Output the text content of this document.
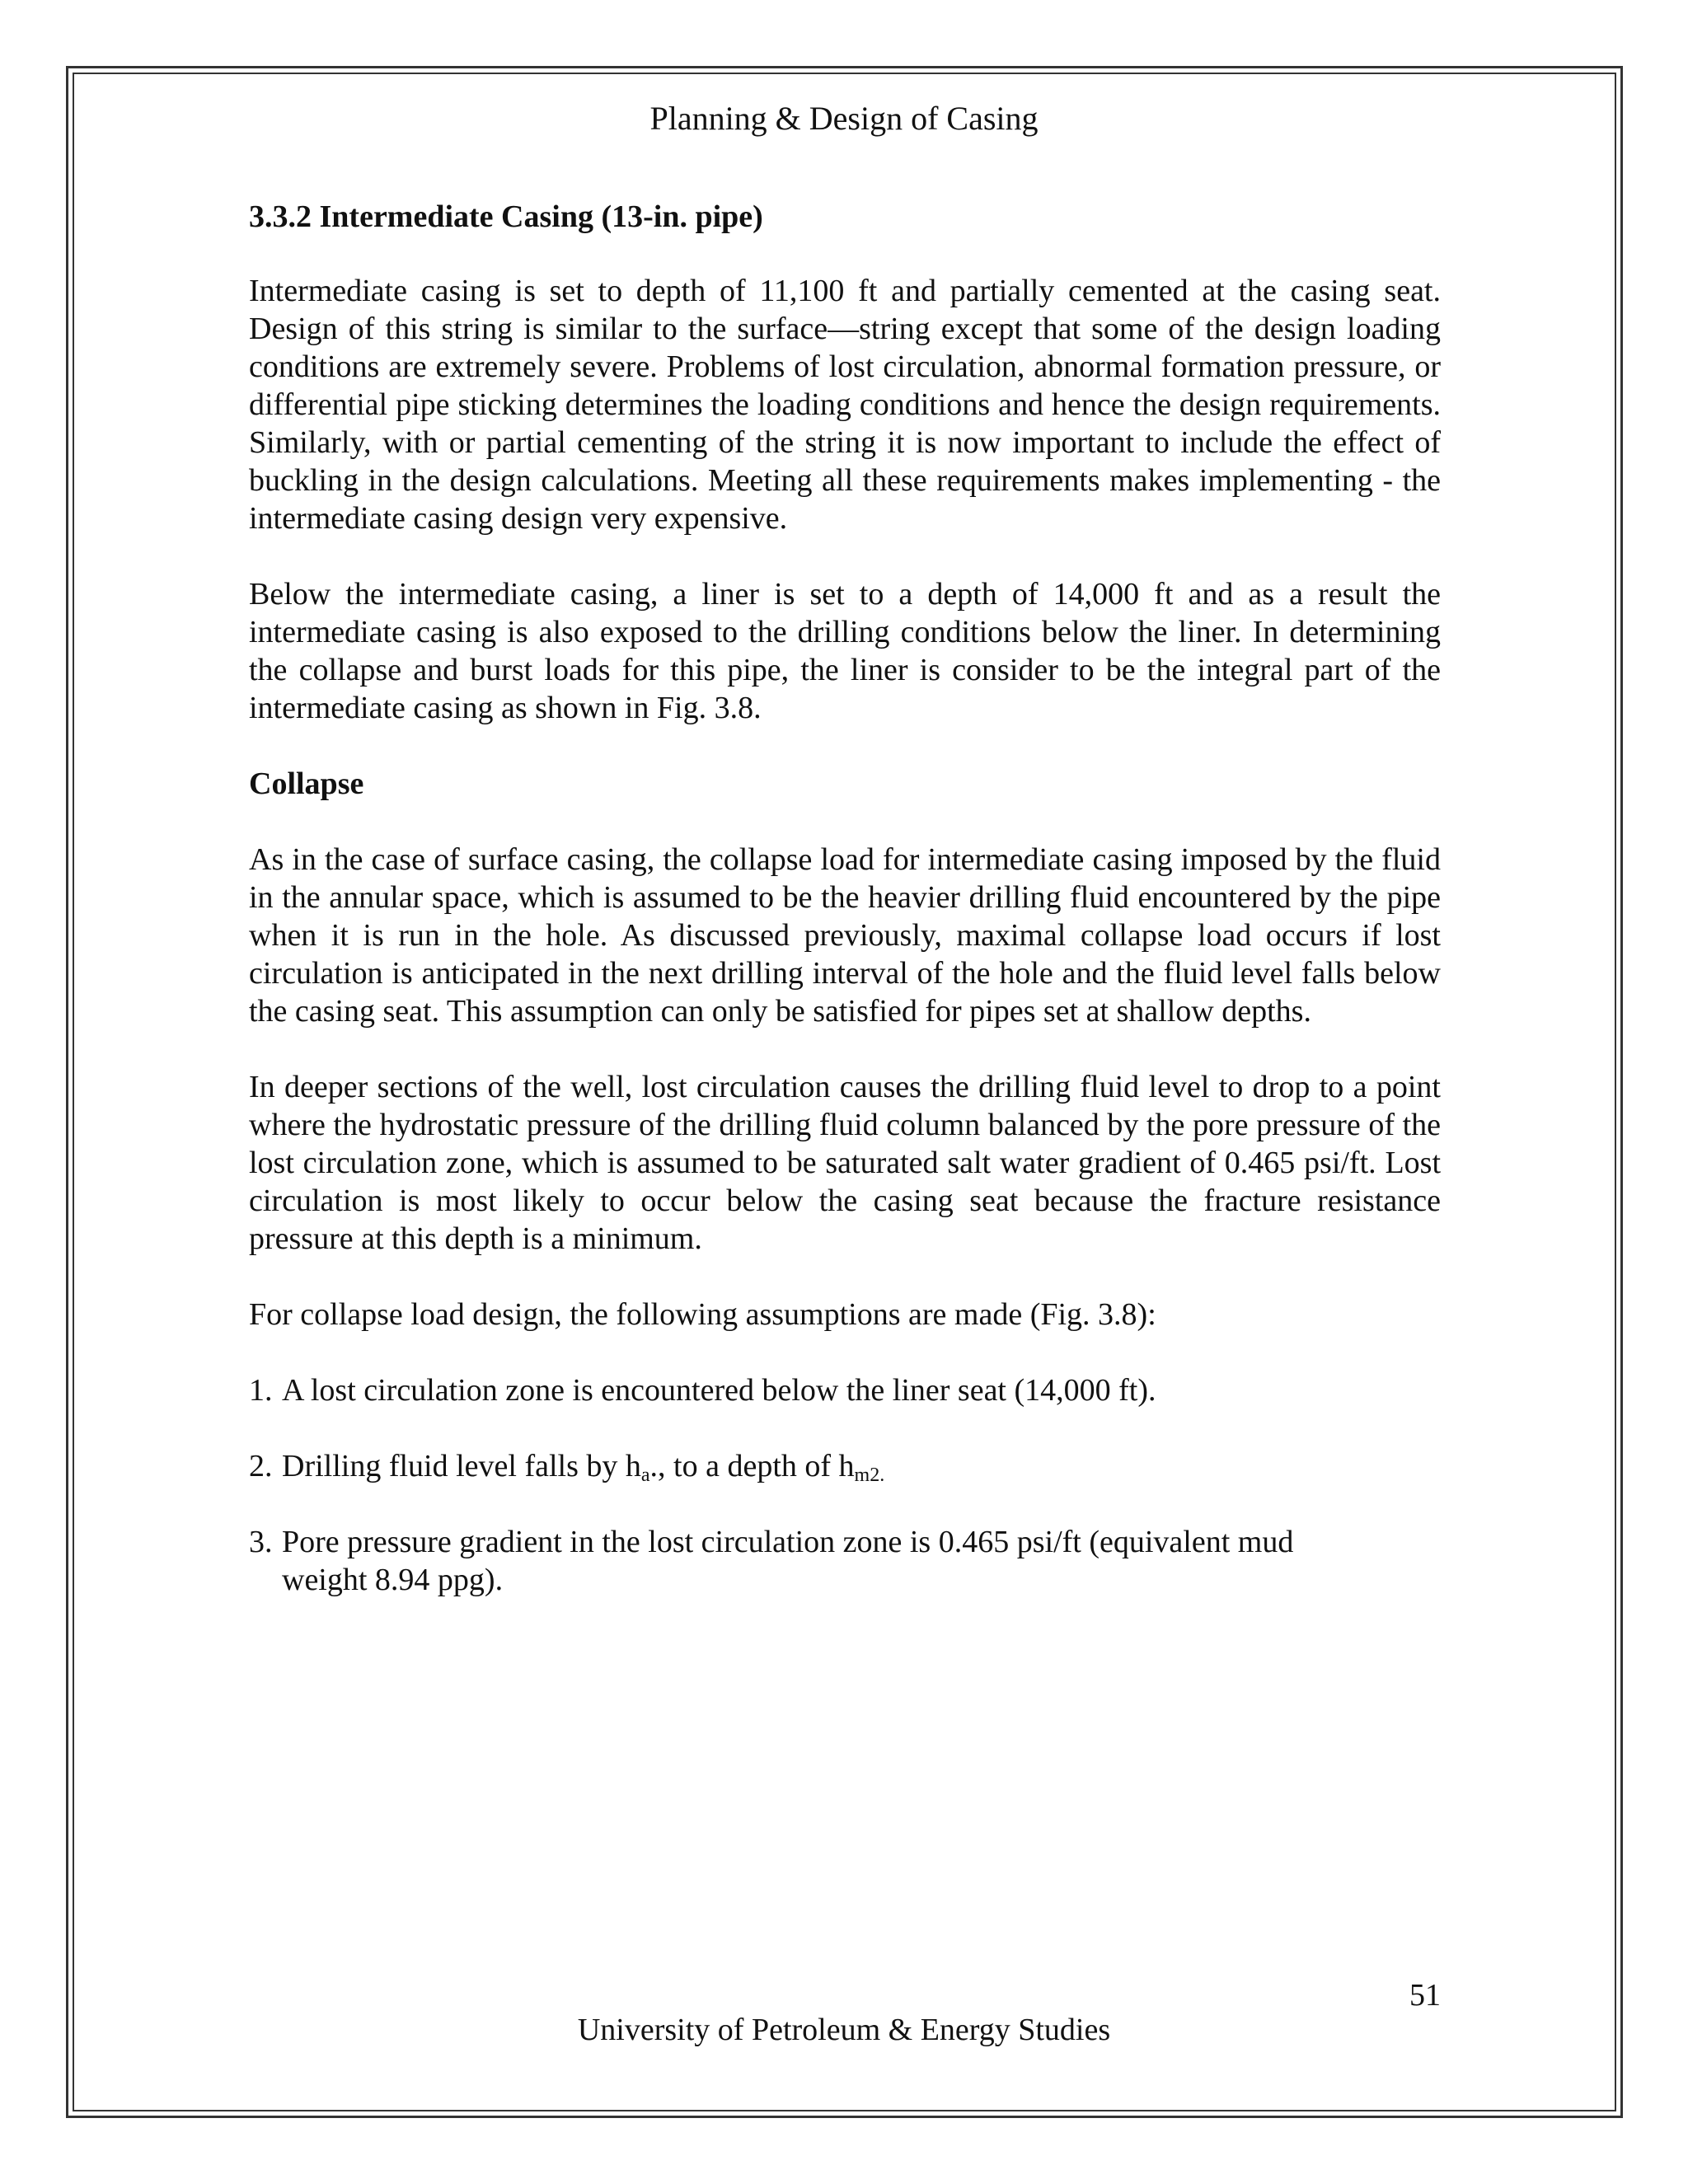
Planning & Design of Casing
3.3.2 Intermediate Casing (13-in. pipe)

Intermediate casing is set to depth of 11,100 ft and partially cemented at the casing seat. Design of this string is similar to the surface—string except that some of the design loading conditions are extremely severe. Problems of lost circulation, abnormal formation pressure, or differential pipe sticking determines the loading conditions and hence the design requirements. Similarly, with or partial cementing of the string it is now important to include the effect of buckling in the design calculations. Meeting all these requirements makes implementing - the intermediate casing design very expensive.

Below the intermediate casing, a liner is set to a depth of 14,000 ft and as a result the intermediate casing is also exposed to the drilling conditions below the liner. In determining the collapse and burst loads for this pipe, the liner is consider to be the integral part of the intermediate casing as shown in Fig. 3.8.

Collapse

As in the case of surface casing, the collapse load for intermediate casing imposed by the fluid in the annular space, which is assumed to be the heavier drilling fluid encountered by the pipe when it is run in the hole. As discussed previously, maximal collapse load occurs if lost circulation is anticipated in the next drilling interval of the hole and the fluid level falls below the casing seat. This assumption can only be satisfied for pipes set at shallow depths.

In deeper sections of the well, lost circulation causes the drilling fluid level to drop to a point where the hydrostatic pressure of the drilling fluid column balanced by the pore pressure of the lost circulation zone, which is assumed to be saturated salt water gradient of 0.465 psi/ft. Lost circulation is most likely to occur below the casing seat because the fracture resistance pressure at this depth is a minimum.

For collapse load design, the following assumptions are made (Fig. 3.8):

1. A lost circulation zone is encountered below the liner seat (14,000 ft).
2. Drilling fluid level falls by $h_a$., to a depth of $h_{m2.}$
3. Pore pressure gradient in the lost circulation zone is 0.465 psi/ft (equivalent mud weight 8.94 ppg).
51
University of Petroleum & Energy Studies
